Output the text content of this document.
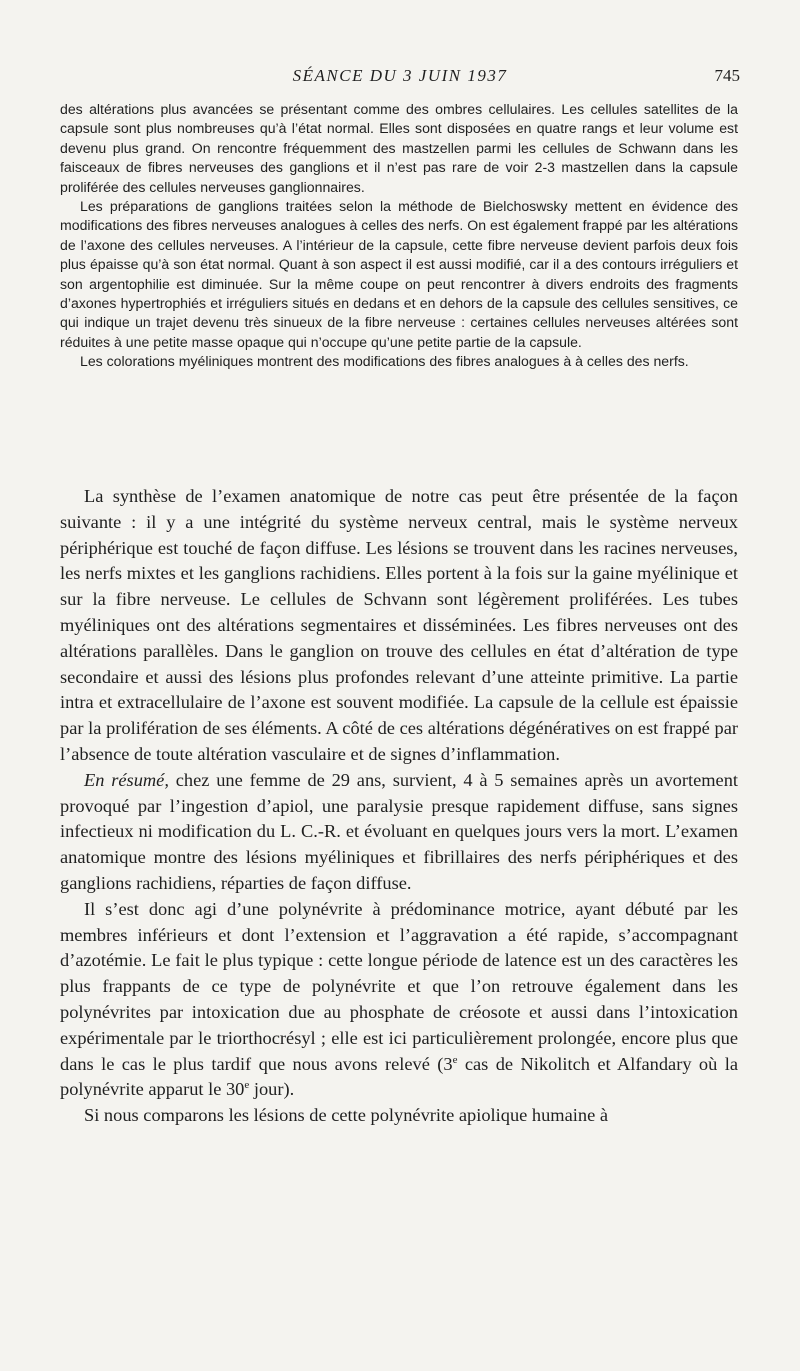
SÉANCE DU 3 JUIN 1937	745

des altérations plus avancées se présentant comme des ombres cellulaires. Les cellules satellites de la capsule sont plus nombreuses qu’à l’état normal. Elles sont disposées en quatre rangs et leur volume est devenu plus grand. On rencontre fréquemment des mastzellen parmi les cellules de Schwann dans les faisceaux de fibres nerveuses des ganglions et il n’est pas rare de voir 2-3 mastzellen dans la capsule proliférée des cellules nerveuses ganglionnaires.

Les préparations de ganglions traitées selon la méthode de Bielchoswsky mettent en évidence des modifications des fibres nerveuses analogues à celles des nerfs. On est également frappé par les altérations de l’axone des cellules nerveuses. A l’intérieur de la capsule, cette fibre nerveuse devient parfois deux fois plus épaisse qu’à son état normal. Quant à son aspect il est aussi modifié, car il a des contours irréguliers et son argentophilie est diminuée. Sur la même coupe on peut rencontrer à divers endroits des fragments d’axones hypertrophiés et irréguliers situés en dedans et en dehors de la capsule des cellules sensitives, ce qui indique un trajet devenu très sinueux de la fibre nerveuse : certaines cellules nerveuses altérées sont réduites à une petite masse opaque qui n’occupe qu’une petite partie de la capsule.

Les colorations myéliniques montrent des modifications des fibres analogues à à celles des nerfs.

La synthèse de l’examen anatomique de notre cas peut être présentée de la façon suivante : il y a une intégrité du système nerveux central, mais le système nerveux périphérique est touché de façon diffuse. Les lésions se trouvent dans les racines nerveuses, les nerfs mixtes et les ganglions rachidiens. Elles portent à la fois sur la gaine myélinique et sur la fibre nerveuse. Le cellules de Schvann sont légèrement proliférées. Les tubes myéliniques ont des altérations segmentaires et disséminées. Les fibres nerveuses ont des altérations parallèles. Dans le ganglion on trouve des cellules en état d’altération de type secondaire et aussi des lésions plus profondes relevant d’une atteinte primitive. La partie intra et extracellulaire de l’axone est souvent modifiée. La capsule de la cellule est épaissie par la prolifération de ses éléments. A côté de ces altérations dégénératives on est frappé par l’absence de toute altération vasculaire et de signes d’inflammation.

En résumé, chez une femme de 29 ans, survient, 4 à 5 semaines après un avortement provoqué par l’ingestion d’apiol, une paralysie presque rapidement diffuse, sans signes infectieux ni modification du L. C.-R. et évoluant en quelques jours vers la mort. L’examen anatomique montre des lésions myéliniques et fibrillaires des nerfs périphériques et des ganglions rachidiens, réparties de façon diffuse.

Il s’est donc agi d’une polynévrite à prédominance motrice, ayant débuté par les membres inférieurs et dont l’extension et l’aggravation a été rapide, s’accompagnant d’azotémie. Le fait le plus typique : cette longue période de latence est un des caractères les plus frappants de ce type de polynévrite et que l’on retrouve également dans les polynévrites par intoxication due au phosphate de créosote et aussi dans l’intoxication expérimentale par le triorthocrésyl ; elle est ici particulièrement prolongée, encore plus que dans le cas le plus tardif que nous avons relevé (3e cas de Nikolitch et Alfandary où la polynévrite apparut le 30e jour).

Si nous comparons les lésions de cette polynévrite apiolique humaine à
